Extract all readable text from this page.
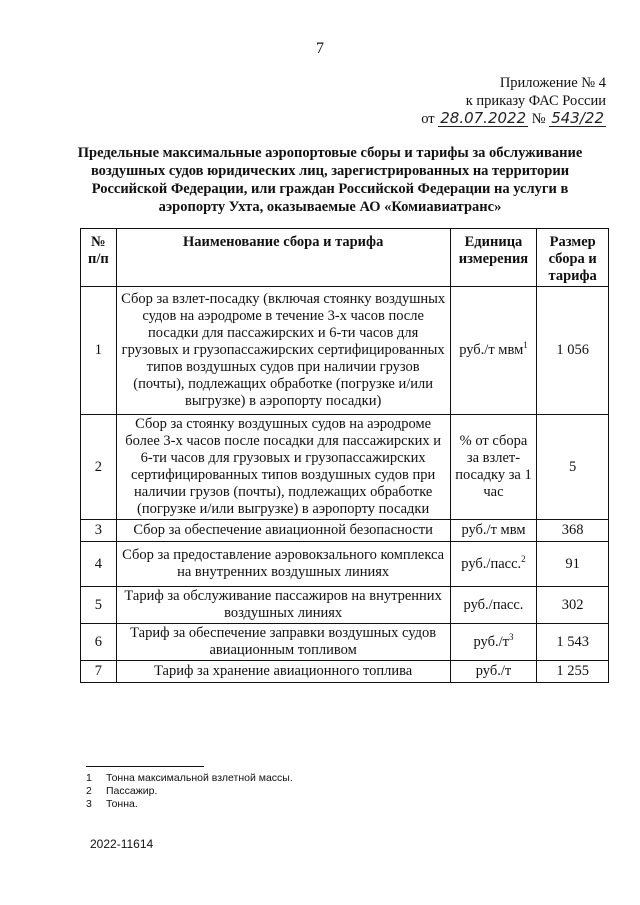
7
Приложение № 4
к приказу ФАС России
от 28.07.2022 № 543/22
Предельные максимальные аэропортовые сборы и тарифы за обслуживание воздушных судов юридических лиц, зарегистрированных на территории Российской Федерации, или граждан Российской Федерации на услуги в аэропорту Ухта, оказываемые АО «Комиавиатранс»
№ п/п	Наименование сбора и тарифа	Единица измерения	Размер сбора и тарифа
1	Сбор за взлет-посадку (включая стоянку воздушных судов на аэродроме в течение 3-х часов после посадки для пассажирских и 6-ти часов для грузовых и грузопассажирских сертифицированных типов воздушных судов при наличии грузов (почты), подлежащих обработке (погрузке и/или выгрузке) в аэропорту посадки)	руб./т мвм$^1$	1 056
2	Сбор за стоянку воздушных судов на аэродроме более 3-х часов после посадки для пассажирских и 6-ти часов для грузовых и грузопассажирских сертифицированных типов воздушных судов при наличии грузов (почты), подлежащих обработке (погрузке и/или выгрузке) в аэропорту посадки	% от сбора за взлет-посадку за 1 час	5
3	Сбор за обеспечение авиационной безопасности	руб./т мвм	368
4	Сбор за предоставление аэровокзального комплекса на внутренних воздушных линиях	руб./пасс.$^2$	91
5	Тариф за обслуживание пассажиров на внутренних воздушных линиях	руб./пасс.	302
6	Тариф за обеспечение заправки воздушных судов авиационным топливом	$руб./т^3$	1 543
7	Тариф за хранение авиационного топлива	руб./т	1 255
1	Тонна максимальной взлетной массы.
2	Пассажир.
3	Тонна.
2022-11614
